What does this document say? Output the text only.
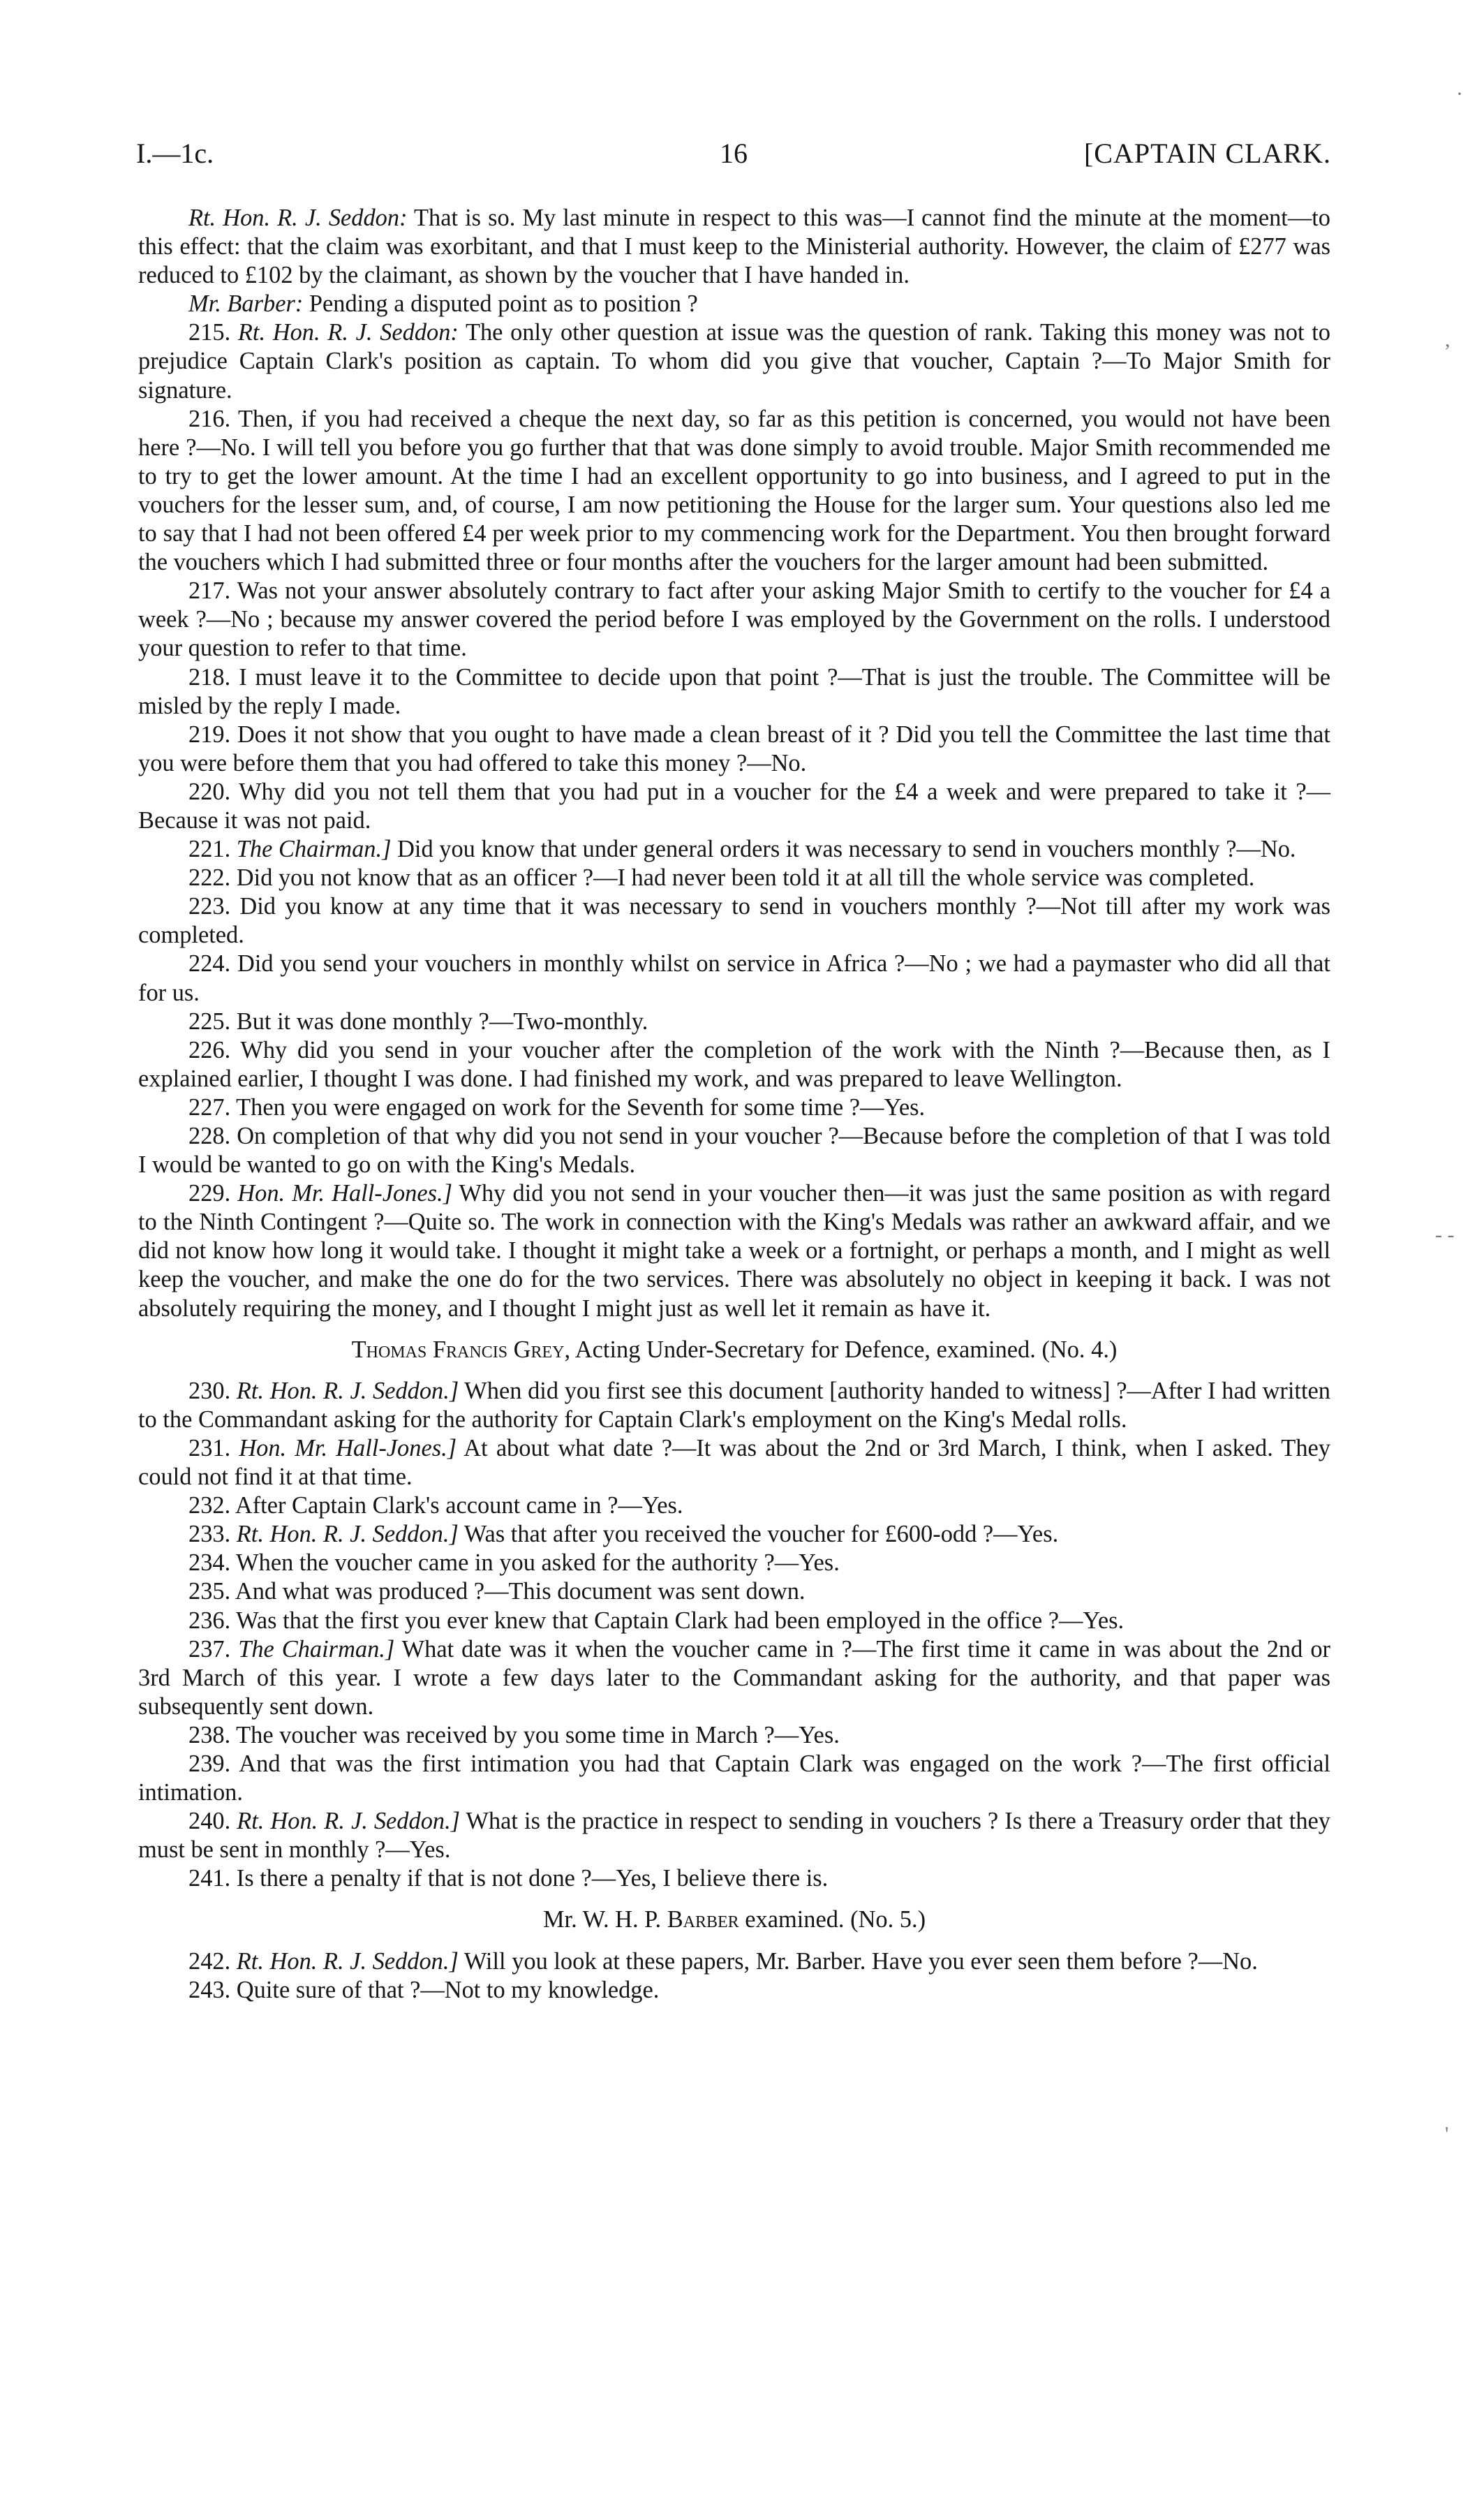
I.—1c.	16	[CAPTAIN CLARK.

Rt. Hon. R. J. Seddon: That is so. My last minute in respect to this was—I cannot find the minute at the moment—to this effect: that the claim was exorbitant, and that I must keep to the Ministerial authority. However, the claim of £277 was reduced to £102 by the claimant, as shown by the voucher that I have handed in.

Mr. Barber: Pending a disputed point as to position ?

215. Rt. Hon. R. J. Seddon: The only other question at issue was the question of rank. Taking this money was not to prejudice Captain Clark's position as captain. To whom did you give that voucher, Captain ?—To Major Smith for signature.

216. Then, if you had received a cheque the next day, so far as this petition is concerned, you would not have been here ?—No. I will tell you before you go further that that was done simply to avoid trouble. Major Smith recommended me to try to get the lower amount. At the time I had an excellent opportunity to go into business, and I agreed to put in the vouchers for the lesser sum, and, of course, I am now petitioning the House for the larger sum. Your questions also led me to say that I had not been offered £4 per week prior to my commencing work for the Department. You then brought forward the vouchers which I had submitted three or four months after the vouchers for the larger amount had been submitted.

217. Was not your answer absolutely contrary to fact after your asking Major Smith to certify to the voucher for £4 a week ?—No ; because my answer covered the period before I was employed by the Government on the rolls. I understood your question to refer to that time.

218. I must leave it to the Committee to decide upon that point ?—That is just the trouble. The Committee will be misled by the reply I made.

219. Does it not show that you ought to have made a clean breast of it ? Did you tell the Committee the last time that you were before them that you had offered to take this money ?—No.

220. Why did you not tell them that you had put in a voucher for the £4 a week and were prepared to take it ?—Because it was not paid.

221. The Chairman.] Did you know that under general orders it was necessary to send in vouchers monthly ?—No.

222. Did you not know that as an officer ?—I had never been told it at all till the whole service was completed.

223. Did you know at any time that it was necessary to send in vouchers monthly ?—Not till after my work was completed.

224. Did you send your vouchers in monthly whilst on service in Africa ?—No ; we had a paymaster who did all that for us.

225. But it was done monthly ?—Two-monthly.

226. Why did you send in your voucher after the completion of the work with the Ninth ?—Because then, as I explained earlier, I thought I was done. I had finished my work, and was prepared to leave Wellington.

227. Then you were engaged on work for the Seventh for some time ?—Yes.

228. On completion of that why did you not send in your voucher ?—Because before the completion of that I was told I would be wanted to go on with the King's Medals.

229. Hon. Mr. Hall-Jones.] Why did you not send in your voucher then—it was just the same position as with regard to the Ninth Contingent ?—Quite so. The work in connection with the King's Medals was rather an awkward affair, and we did not know how long it would take. I thought it might take a week or a fortnight, or perhaps a month, and I might as well keep the voucher, and make the one do for the two services. There was absolutely no object in keeping it back. I was not absolutely requiring the money, and I thought I might just as well let it remain as have it.

Thomas Francis Grey, Acting Under-Secretary for Defence, examined. (No. 4.)

230. Rt. Hon. R. J. Seddon.] When did you first see this document [authority handed to witness] ?—After I had written to the Commandant asking for the authority for Captain Clark's employment on the King's Medal rolls.

231. Hon. Mr. Hall-Jones.] At about what date ?—It was about the 2nd or 3rd March, I think, when I asked. They could not find it at that time.

232. After Captain Clark's account came in ?—Yes.

233. Rt. Hon. R. J. Seddon.] Was that after you received the voucher for £600-odd ?—Yes.

234. When the voucher came in you asked for the authority ?—Yes.

235. And what was produced ?—This document was sent down.

236. Was that the first you ever knew that Captain Clark had been employed in the office ?—Yes.

237. The Chairman.] What date was it when the voucher came in ?—The first time it came in was about the 2nd or 3rd March of this year. I wrote a few days later to the Commandant asking for the authority, and that paper was subsequently sent down.

238. The voucher was received by you some time in March ?—Yes.

239. And that was the first intimation you had that Captain Clark was engaged on the work ?—The first official intimation.

240. Rt. Hon. R. J. Seddon.] What is the practice in respect to sending in vouchers ? Is there a Treasury order that they must be sent in monthly ?—Yes.

241. Is there a penalty if that is not done ?—Yes, I believe there is.

Mr. W. H. P. Barber examined. (No. 5.)

242. Rt. Hon. R. J. Seddon.] Will you look at these papers, Mr. Barber. Have you ever seen them before ?—No.

243. Quite sure of that ?—Not to my knowledge.

·
,
- -
'
